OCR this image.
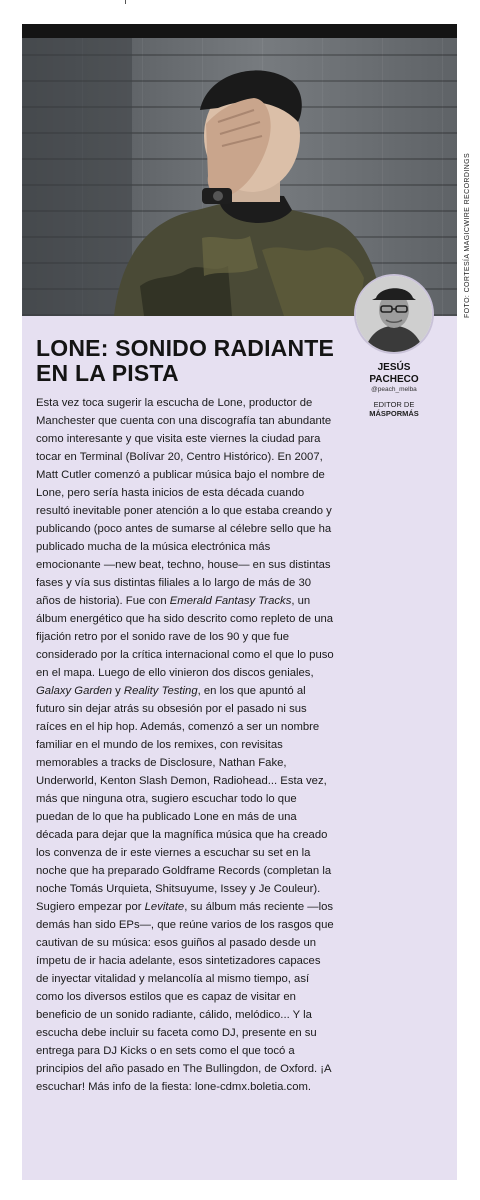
FOTO: CORTESÍA MAGICWIRE RECORDINGS
JESÚS PACHECO
@peach_melba
EDITOR DE
MÁSPORMÁS
LONE: SONIDO RADIANTE EN LA PISTA

Esta vez toca sugerir la escucha de Lone, productor de Manchester que cuenta con una discografía tan abundante como interesante y que visita este viernes la ciudad para tocar en Terminal (Bolívar 20, Centro Histórico). En 2007, Matt Cutler comenzó a publicar música bajo el nombre de Lone, pero sería hasta inicios de esta década cuando resultó inevitable poner atención a lo que estaba creando y publicando (poco antes de sumarse al célebre sello que ha publicado mucha de la música electrónica más emocionante —new beat, techno, house— en sus distintas fases y vía sus distintas filiales a lo largo de más de 30 años de historia). Fue con Emerald Fantasy Tracks, un álbum energético que ha sido descrito como repleto de una fijación retro por el sonido rave de los 90 y que fue considerado por la crítica internacional como el que lo puso en el mapa. Luego de ello vinieron dos discos geniales, Galaxy Garden y Reality Testing, en los que apuntó al futuro sin dejar atrás su obsesión por el pasado ni sus raíces en el hip hop. Además, comenzó a ser un nombre familiar en el mundo de los remixes, con revisitas memorables a tracks de Disclosure, Nathan Fake, Underworld, Kenton Slash Demon, Radiohead... Esta vez, más que ninguna otra, sugiero escuchar todo lo que puedan de lo que ha publicado Lone en más de una década para dejar que la magnífica música que ha creado los convenza de ir este viernes a escuchar su set en la noche que ha preparado Goldframe Records (completan la noche Tomás Urquieta, Shitsuyume, Issey y Je Couleur). Sugiero empezar por Levitate, su álbum más reciente —los demás han sido EPs—, que reúne varios de los rasgos que cautivan de su música: esos guiños al pasado desde un ímpetu de ir hacia adelante, esos sintetizadores capaces de inyectar vitalidad y melancolía al mismo tiempo, así como los diversos estilos que es capaz de visitar en beneficio de un sonido radiante, cálido, melódico... Y la escucha debe incluir su faceta como DJ, presente en su entrega para DJ Kicks o en sets como el que tocó a principios del año pasado en The Bullingdon, de Oxford. ¡A escuchar! Más info de la fiesta: lone-cdmx.boletia.com.
